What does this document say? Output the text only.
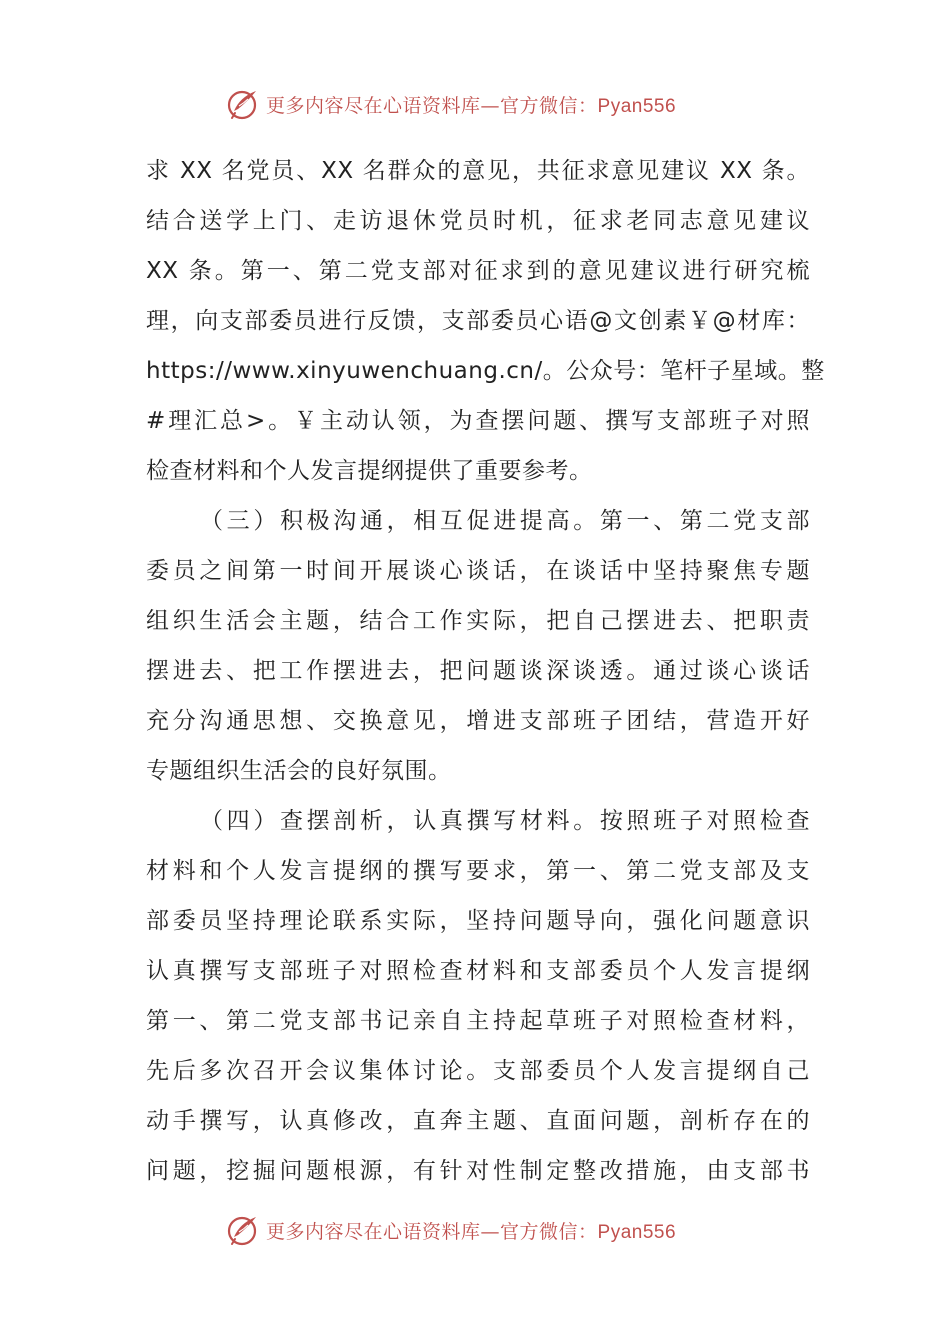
更多内容尽在心语资料库—官方微信：Pyan556
求 XX 名党员、XX 名群众的意见，共征求意见建议 XX 条。
结合送学上门、走访退休党员时机，征求老同志意见建议
XX 条。第一、第二党支部对征求到的意见建议进行研究梳
理，向支部委员进行反馈，支部委员心语@文创素￥@材库：
https://www.xinyuwenchuang.cn/。公众号：笔杆子星域。整
#理汇总>。￥主动认领，为查摆问题、撰写支部班子对照
检查材料和个人发言提纲提供了重要参考。
（三）积极沟通，相互促进提高。第一、第二党支部
委员之间第一时间开展谈心谈话，在谈话中坚持聚焦专题
组织生活会主题，结合工作实际，把自己摆进去、把职责
摆进去、把工作摆进去，把问题谈深谈透。通过谈心谈话
充分沟通思想、交换意见，增进支部班子团结，营造开好
专题组织生活会的良好氛围。
（四）查摆剖析，认真撰写材料。按照班子对照检查
材料和个人发言提纲的撰写要求，第一、第二党支部及支
部委员坚持理论联系实际，坚持问题导向，强化问题意识
认真撰写支部班子对照检查材料和支部委员个人发言提纲
第一、第二党支部书记亲自主持起草班子对照检查材料，
先后多次召开会议集体讨论。支部委员个人发言提纲自己
动手撰写，认真修改，直奔主题、直面问题，剖析存在的
问题，挖掘问题根源，有针对性制定整改措施，由支部书
更多内容尽在心语资料库—官方微信：Pyan556
